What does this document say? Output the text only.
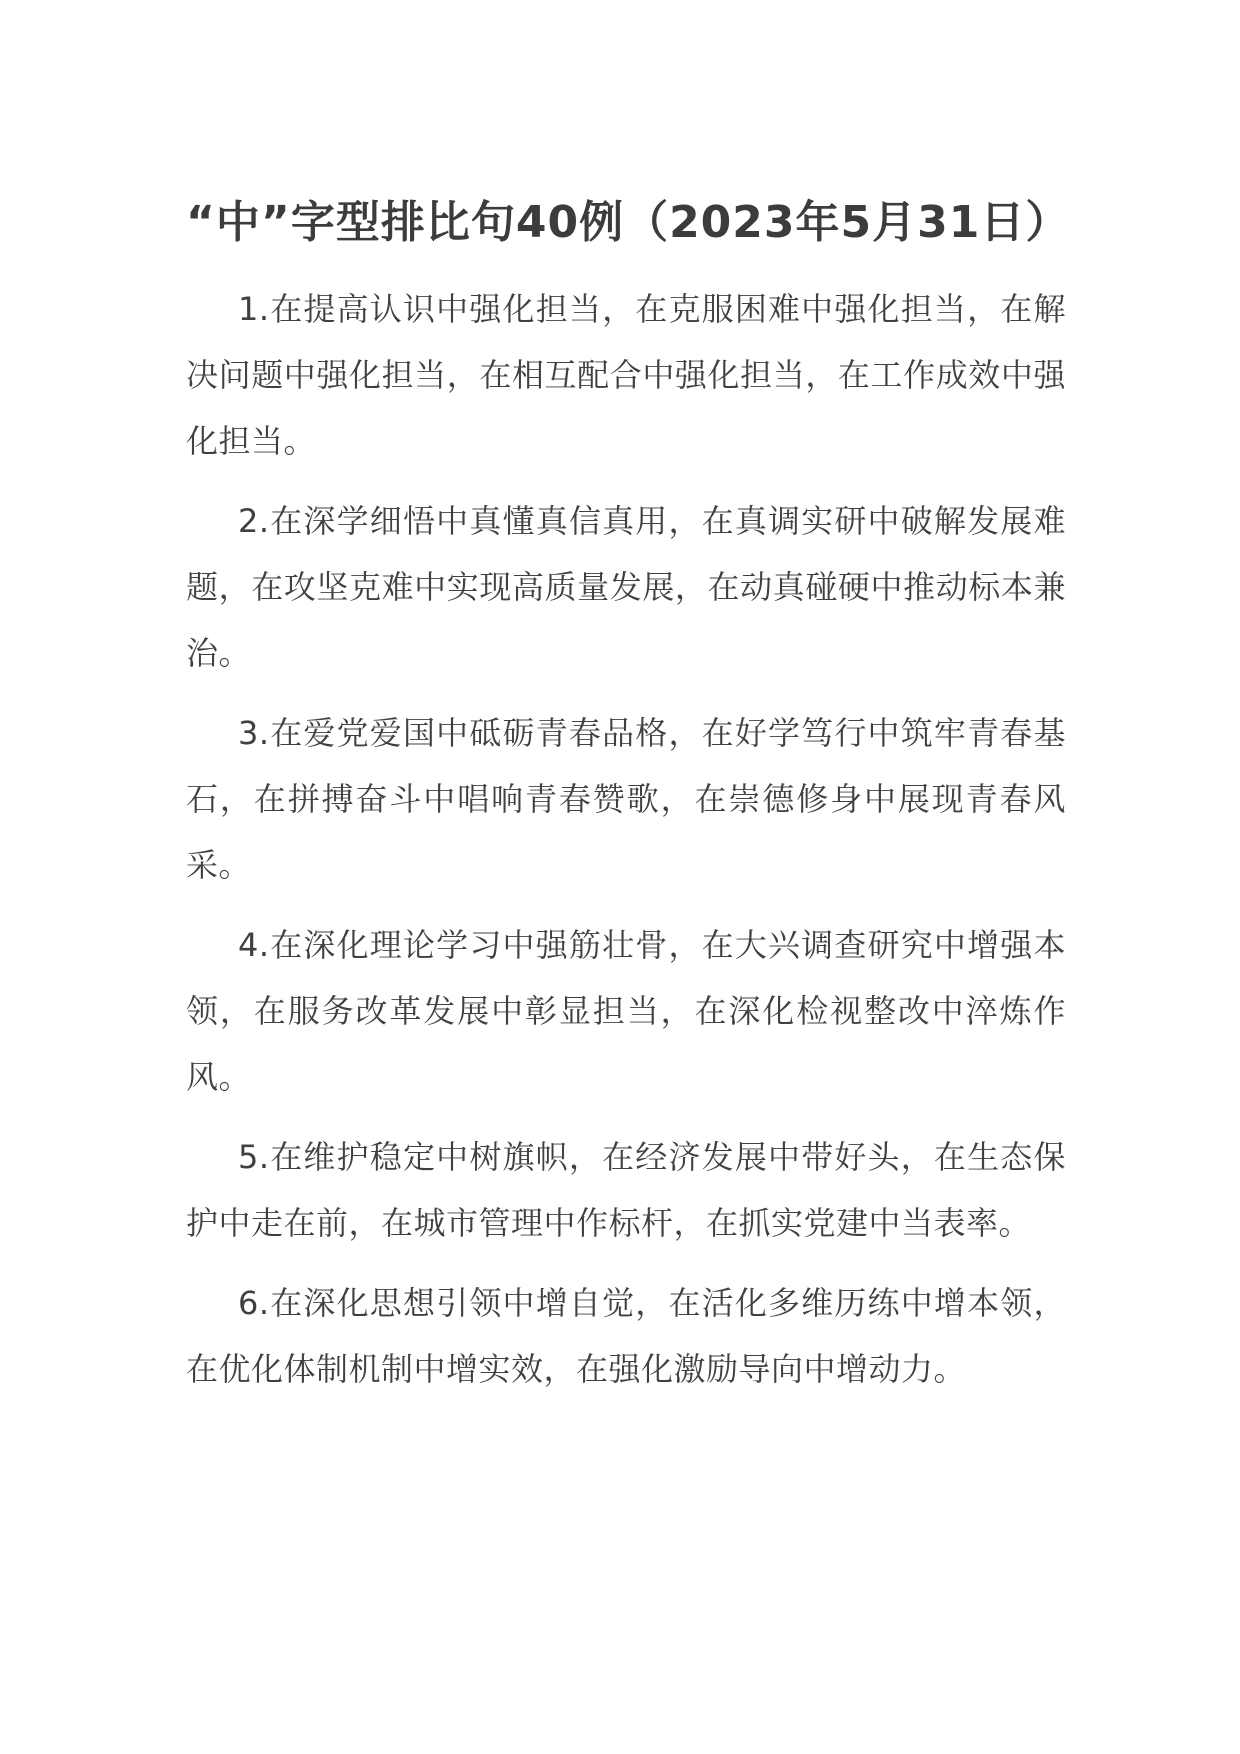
“中”字型排比句40例（2023年5月31日）

1.在提高认识中强化担当，在克服困难中强化担当，在解决问题中强化担当，在相互配合中强化担当，在工作成效中强化担当。

2.在深学细悟中真懂真信真用，在真调实研中破解发展难题，在攻坚克难中实现高质量发展，在动真碰硬中推动标本兼治。

3.在爱党爱国中砥砺青春品格，在好学笃行中筑牢青春基石，在拼搏奋斗中唱响青春赞歌，在崇德修身中展现青春风采。

4.在深化理论学习中强筋壮骨，在大兴调查研究中增强本领，在服务改革发展中彰显担当，在深化检视整改中淬炼作风。

5.在维护稳定中树旗帜，在经济发展中带好头，在生态保护中走在前，在城市管理中作标杆，在抓实党建中当表率。

6.在深化思想引领中增自觉，在活化多维历练中增本领，在优化体制机制中增实效，在强化激励导向中增动力。
